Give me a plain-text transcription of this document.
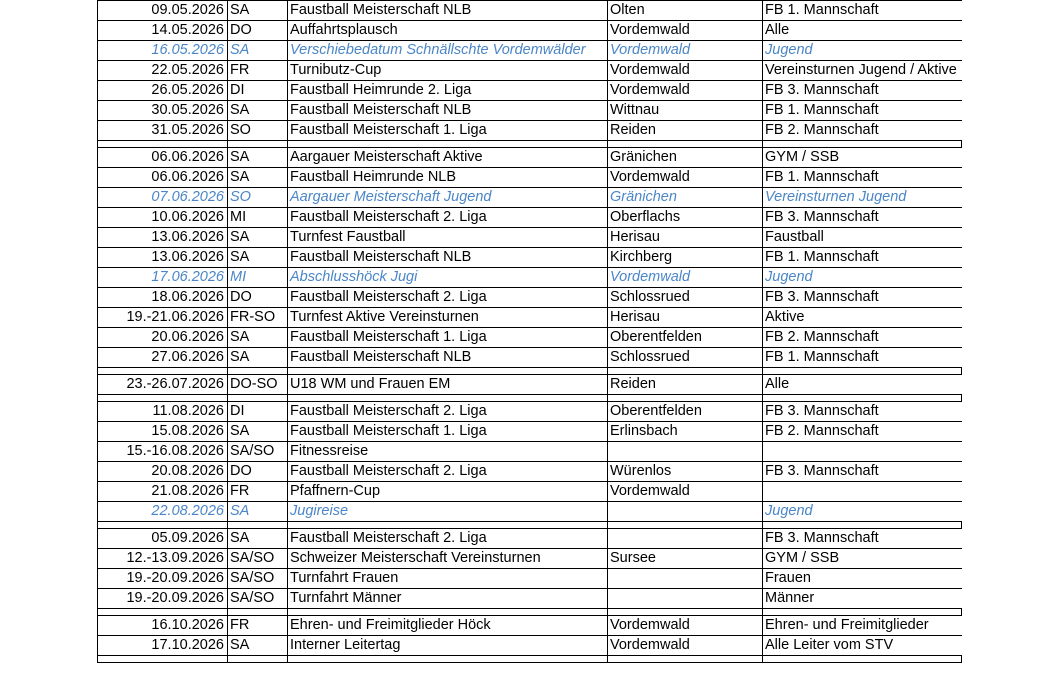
09.05.2026	SA	Faustball Meisterschaft NLB	Olten	FB 1. Mannschaft
14.05.2026	DO	Auffahrtsplausch	Vordemwald	Alle
16.05.2026	SA	Verschiebedatum Schnällschte Vordemwälder	Vordemwald	Jugend
22.05.2026	FR	Turnibutz-Cup	Vordemwald	Vereinsturnen Jugend / Aktive
26.05.2026	DI	Faustball Heimrunde 2. Liga	Vordemwald	FB 3. Mannschaft
30.05.2026	SA	Faustball Meisterschaft NLB	Wittnau	FB 1. Mannschaft
31.05.2026	SO	Faustball Meisterschaft 1. Liga	Reiden	FB 2. Mannschaft

06.06.2026	SA	Aargauer Meisterschaft Aktive	Gränichen	GYM / SSB
06.06.2026	SA	Faustball Heimrunde NLB	Vordemwald	FB 1. Mannschaft
07.06.2026	SO	Aargauer Meisterschaft Jugend	Gränichen	Vereinsturnen Jugend
10.06.2026	MI	Faustball Meisterschaft 2. Liga	Oberflachs	FB 3. Mannschaft
13.06.2026	SA	Turnfest Faustball	Herisau	Faustball
13.06.2026	SA	Faustball Meisterschaft NLB	Kirchberg	FB 1. Mannschaft
17.06.2026	MI	Abschlusshöck Jugi	Vordemwald	Jugend
18.06.2026	DO	Faustball Meisterschaft 2. Liga	Schlossrued	FB 3. Mannschaft
19.-21.06.2026	FR-SO	Turnfest Aktive Vereinsturnen	Herisau	Aktive
20.06.2026	SA	Faustball Meisterschaft 1. Liga	Oberentfelden	FB 2. Mannschaft
27.06.2026	SA	Faustball Meisterschaft NLB	Schlossrued	FB 1. Mannschaft

23.-26.07.2026	DO-SO	U18 WM und Frauen EM	Reiden	Alle

11.08.2026	DI	Faustball Meisterschaft 2. Liga	Oberentfelden	FB 3. Mannschaft
15.08.2026	SA	Faustball Meisterschaft 1. Liga	Erlinsbach	FB 2. Mannschaft
15.-16.08.2026	SA/SO	Fitnessreise		
20.08.2026	DO	Faustball Meisterschaft 2. Liga	Würenlos	FB 3. Mannschaft
21.08.2026	FR	Pfaffnern-Cup	Vordemwald	
22.08.2026	SA	Jugireise		Jugend

05.09.2026	SA	Faustball Meisterschaft 2. Liga		FB 3. Mannschaft
12.-13.09.2026	SA/SO	Schweizer Meisterschaft Vereinsturnen	Sursee	GYM / SSB
19.-20.09.2026	SA/SO	Turnfahrt Frauen		Frauen
19.-20.09.2026	SA/SO	Turnfahrt Männer		Männer

16.10.2026	FR	Ehren- und Freimitglieder Höck	Vordemwald	Ehren- und Freimitglieder
17.10.2026	SA	Interner Leitertag	Vordemwald	Alle Leiter vom STV
